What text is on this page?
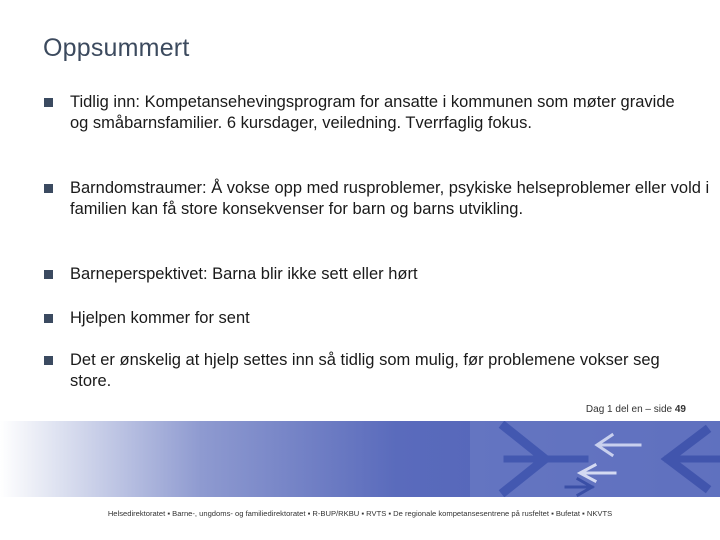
Oppsummert
Tidlig inn: Kompetansehevingsprogram for ansatte i kommunen som møter gravide og småbarnsfamilier. 6 kursdager, veiledning. Tverrfaglig fokus.
Barndomstraumer: Å vokse opp med rusproblemer, psykiske helseproblemer eller vold i familien kan få store konsekvenser for barn og barns utvikling.
Barneperspektivet: Barna blir ikke sett eller hørt
Hjelpen kommer for sent
Det er ønskelig at hjelp settes inn så tidlig som mulig, før problemene vokser seg store.
Dag 1 del en – side 49
Helsedirektoratet ▪ Barne-, ungdoms- og familiedirektoratet ▪ R-BUP/RKBU ▪ RVTS ▪ De regionale kompetansesentrene på rusfeltet ▪ Bufetat ▪ NKVTS
